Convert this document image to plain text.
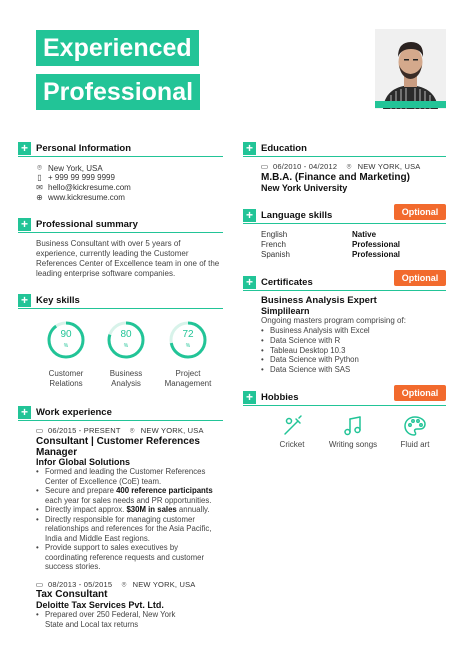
Experienced
Professional
+ Personal Information
⌾ New York, USA
▯ + 999 99 999 9999
✉ hello@kickresume.com
⊕ www.kickresume.com
+ Professional summary
Business Consultant with over 5 years of experience, currently leading the Customer References Center of Excellence team in one of the leading enterprise software companies.
+ Key skills
90
%
Customer
Relations
80
%
Business
Analysis
72
%
Project
Management
+ Work experience
▭ 06/2015 - PRESENT ⌾ NEW YORK, USA
Consultant | Customer References
Manager
Infor Global Solutions
• Formed and leading the Customer References
Center of Excellence (CoE) team.
• Secure and prepare 400 reference participants
each year for sales needs and PR opportunities.
• Directly impact approx. $30M in sales annually.
• Directly responsible for managing customer
relationships and references for the Asia Pacific,
India and Middle East regions.
• Provide support to sales executives by
coordinating reference requests and customer
success stories.
▭ 08/2013 - 05/2015 ⌾ NEW YORK, USA
Tax Consultant
Deloitte Tax Services Pvt. Ltd.
• Prepared over 250 Federal, New York
State and Local tax returns
+ Education
▭ 06/2010 - 04/2012 ⌾ NEW YORK, USA
M.B.A. (Finance and Marketing)
New York University
Optional
+ Language skills
English	Native
French	Professional
Spanish	Professional
Optional
+ Certificates
Business Analysis Expert
Simplilearn
Ongoing masters program comprising of:
• Business Analysis with Excel
• Data Science with R
• Tableau Desktop 10.3
• Data Science with Python
• Data Science with SAS
Optional
+ Hobbies
Cricket	Writing songs	Fluid art
